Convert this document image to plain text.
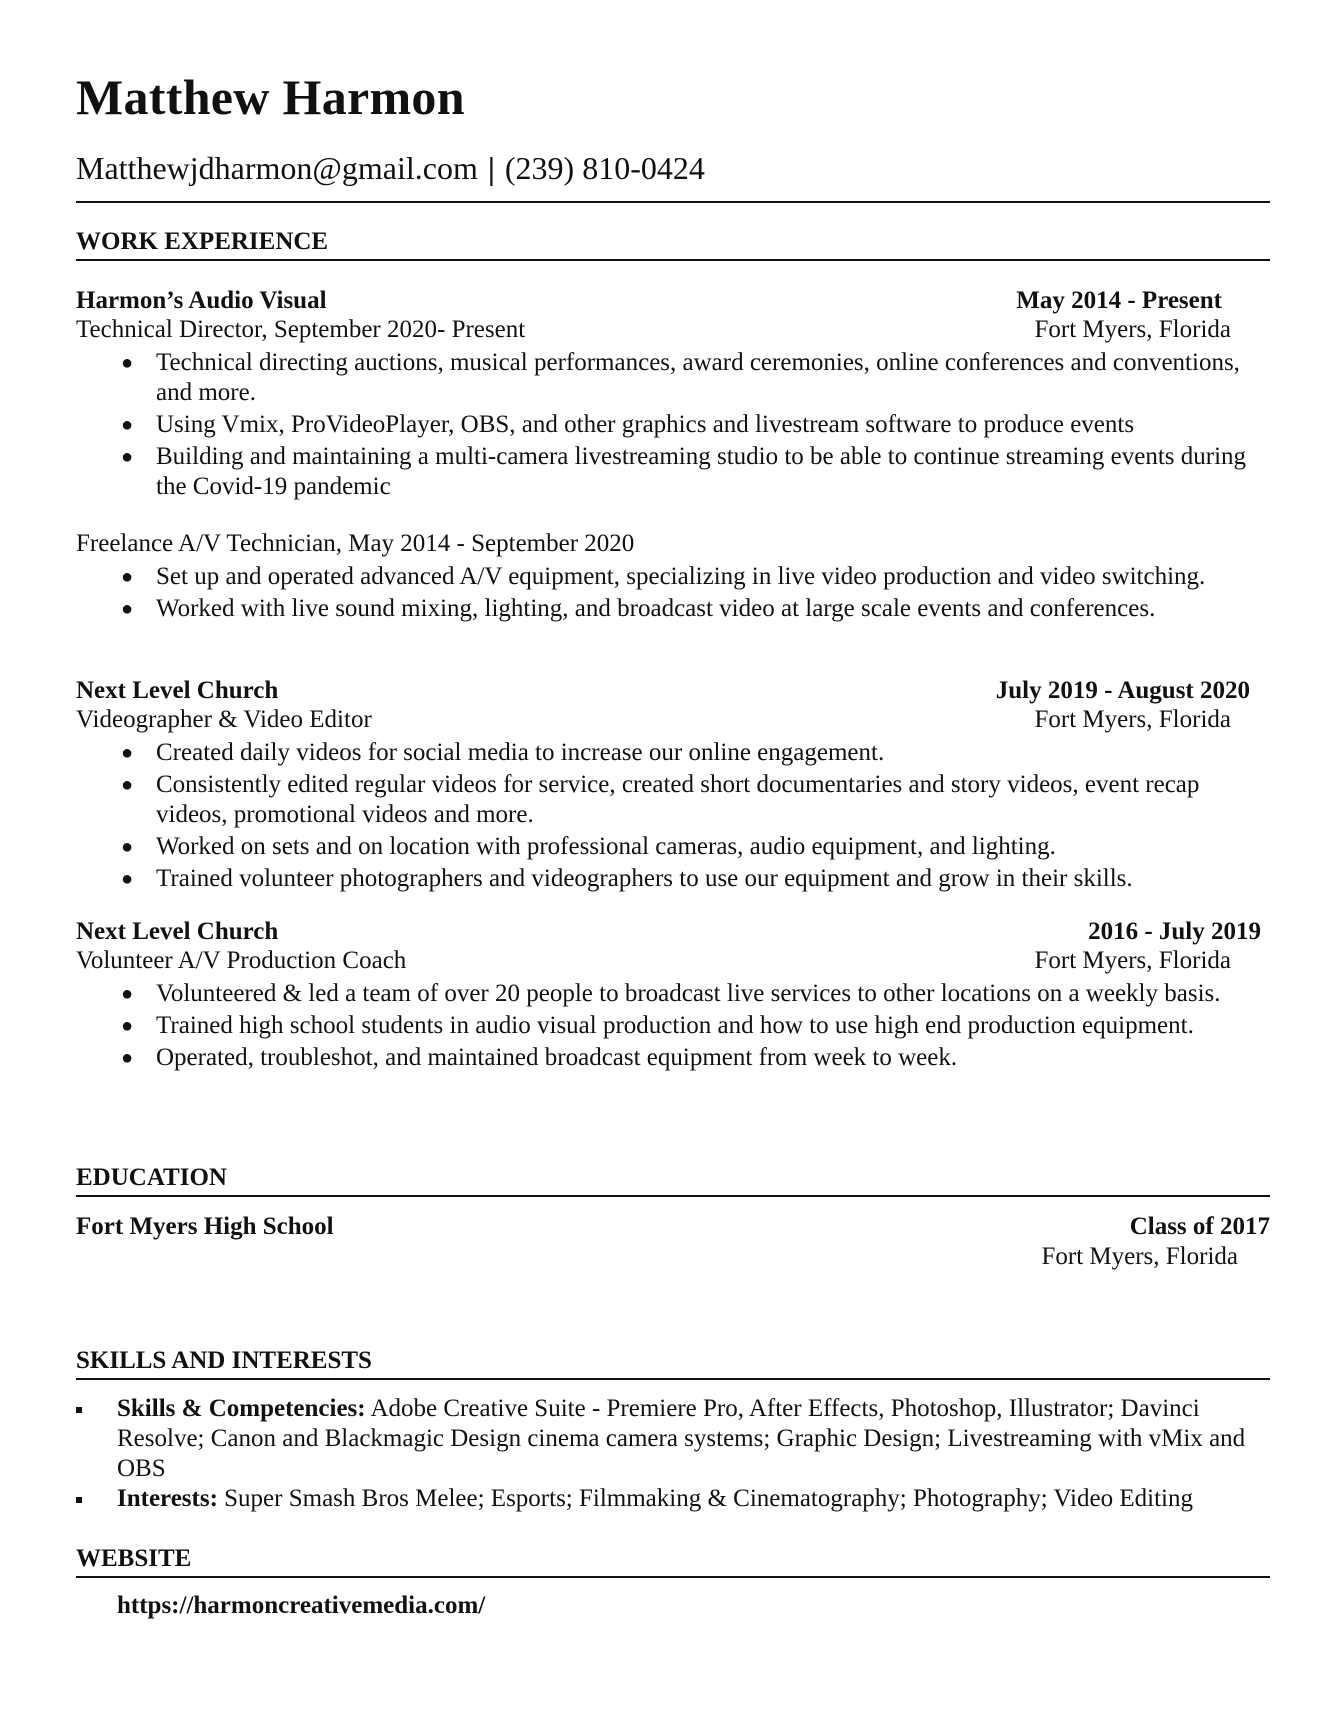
Matthew Harmon
Matthewjdharmon@gmail.com | (239) 810-0424
WORK EXPERIENCE
Harmon’s Audio Visual	May 2014 - Present
Technical Director, September 2020- Present	Fort Myers, Florida
● Technical directing auctions, musical performances, award ceremonies, online conferences and conventions, and more.
● Using Vmix, ProVideoPlayer, OBS, and other graphics and livestream software to produce events
● Building and maintaining a multi-camera livestreaming studio to be able to continue streaming events during the Covid-19 pandemic
Freelance A/V Technician, May 2014 - September 2020
● Set up and operated advanced A/V equipment, specializing in live video production and video switching.
● Worked with live sound mixing, lighting, and broadcast video at large scale events and conferences.
Next Level Church	July 2019 - August 2020
Videographer & Video Editor	Fort Myers, Florida
● Created daily videos for social media to increase our online engagement.
● Consistently edited regular videos for service, created short documentaries and story videos, event recap videos, promotional videos and more.
● Worked on sets and on location with professional cameras, audio equipment, and lighting.
● Trained volunteer photographers and videographers to use our equipment and grow in their skills.
Next Level Church	2016 - July 2019
Volunteer A/V Production Coach	Fort Myers, Florida
● Volunteered & led a team of over 20 people to broadcast live services to other locations on a weekly basis.
● Trained high school students in audio visual production and how to use high end production equipment.
● Operated, troubleshot, and maintained broadcast equipment from week to week.
EDUCATION
Fort Myers High School	Class of 2017
Fort Myers, Florida
SKILLS AND INTERESTS
Skills & Competencies: Adobe Creative Suite - Premiere Pro, After Effects, Photoshop, Illustrator; Davinci Resolve; Canon and Blackmagic Design cinema camera systems; Graphic Design; Livestreaming with vMix and OBS
Interests: Super Smash Bros Melee; Esports; Filmmaking & Cinematography; Photography; Video Editing
WEBSITE
https://harmoncreativemedia.com/
